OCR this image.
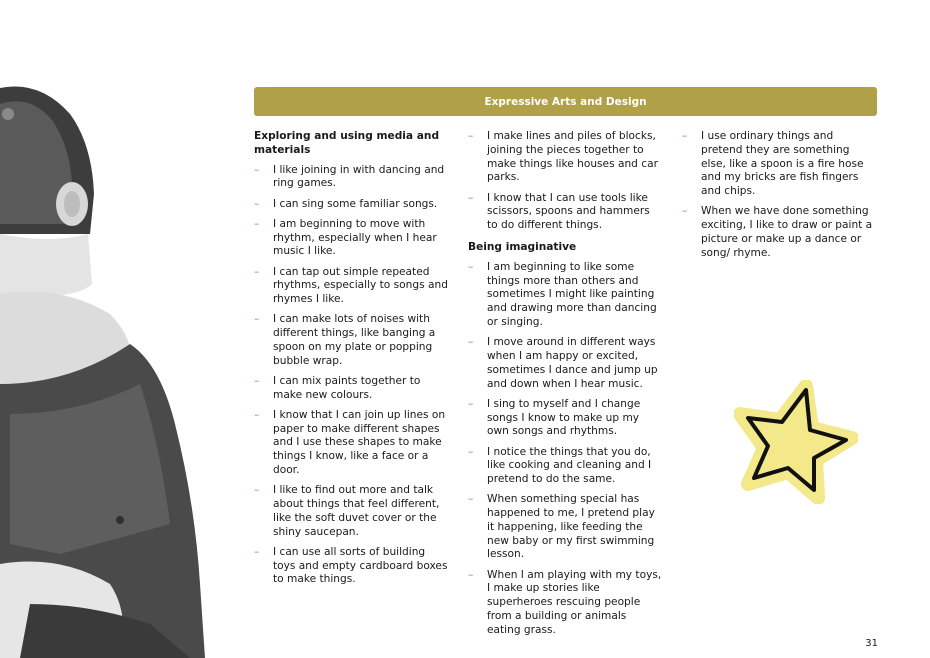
Expressive Arts and Design
Exploring and using media and materials
– I like joining in with dancing and ring games.
– I can sing some familiar songs.
– I am beginning to move with rhythm, especially when I hear music I like.
– I can tap out simple repeated rhythms, especially to songs and rhymes I like.
– I can make lots of noises with different things, like banging a spoon on my plate or popping bubble wrap.
– I can mix paints together to make new colours.
– I know that I can join up lines on paper to make different shapes and I use these shapes to make things I know, like a face or a door.
– I like to find out more and talk about things that feel different, like the soft duvet cover or the shiny saucepan.
– I can use all sorts of building toys and empty cardboard boxes to make things.
– I make lines and piles of blocks, joining the pieces together to make things like houses and car parks.
– I know that I can use tools like scissors, spoons and hammers to do different things.
Being imaginative
– I am beginning to like some things more than others and sometimes I might like painting and drawing more than dancing or singing.
– I move around in different ways when I am happy or excited, sometimes I dance and jump up and down when I hear music.
– I sing to myself and I change songs I know to make up my own songs and rhythms.
– I notice the things that you do, like cooking and cleaning and I pretend to do the same.
– When something special has happened to me, I pretend play it happening, like feeding the new baby or my first swimming lesson.
– When I am playing with my toys, I make up stories like superheroes rescuing people from a building or animals eating grass.
– I use ordinary things and pretend they are something else, like a spoon is a fire hose and my bricks are fish fingers and chips.
– When we have done something exciting, I like to draw or paint a picture or make up a dance or song/ rhyme.
31
